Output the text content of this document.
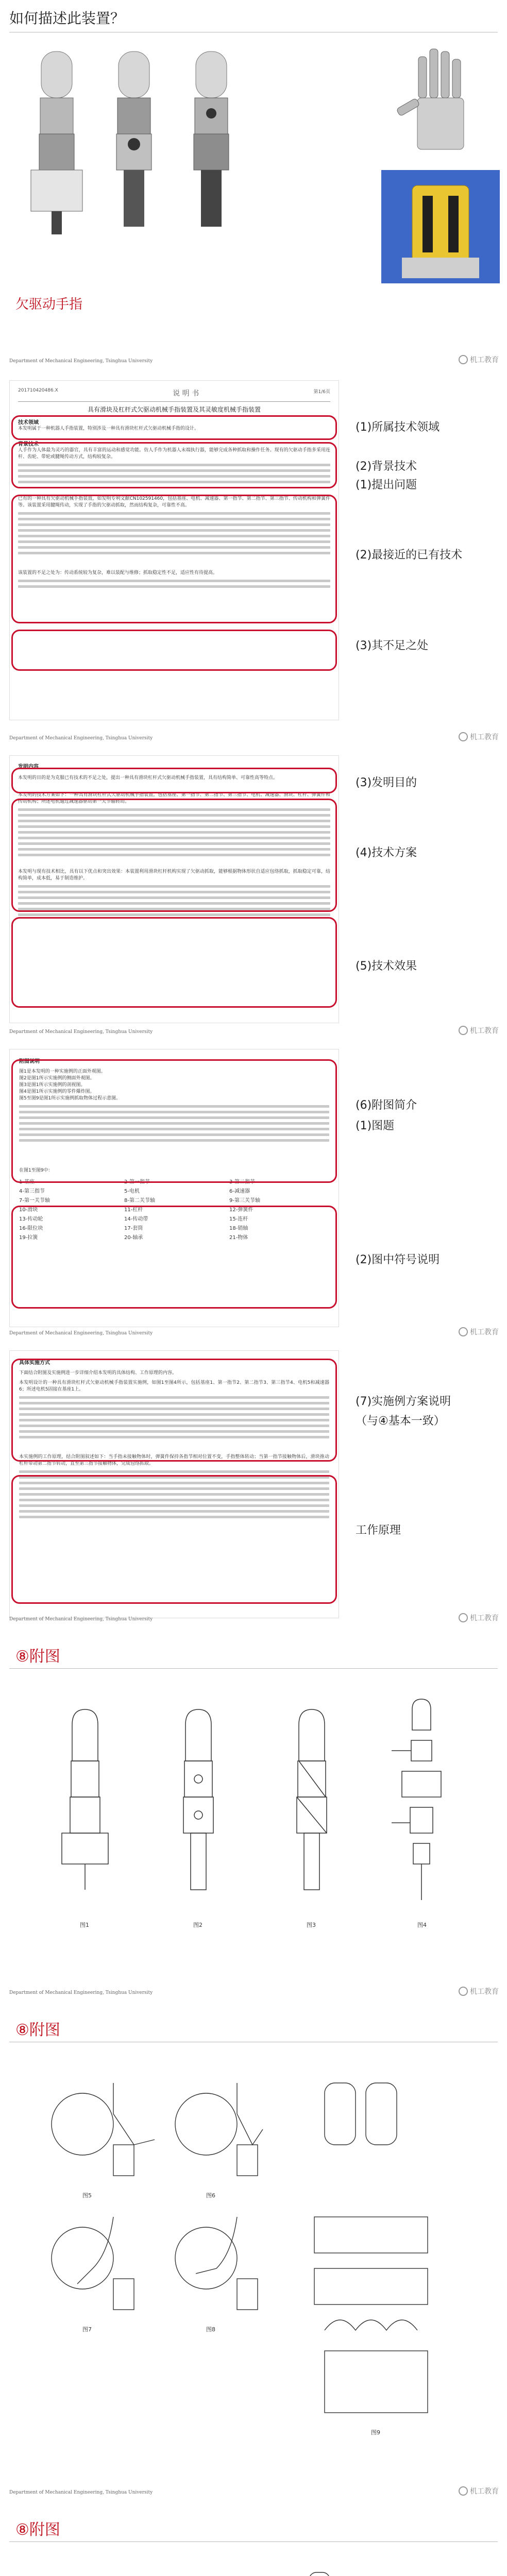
如何描述此装置？
欠驱动手指
Department of Mechanical Engineering, Tsinghua University	机工教育
201710420486.X	说 明 书	第1/6页
具有滑块及杠杆式欠驱动机械手指装置及其灵敏度机械手指装置
技术领域
本发明属于一种机器人手指装置，特别涉及一种具有滑块杠杆式欠驱动机械手指的设计。
背景技术
人手作为人体最为灵巧的器官，具有丰富的运动和感觉功能。仿人手作为机器人末端执行器，能够完成各种抓取和操作任务。现有的欠驱动手指多采用连杆、齿轮、带轮或腱绳传动方式，结构较复杂。
已有的一种具有欠驱动机械手指装置，如发明专利文献CN102591460，包括基座、电机、减速器、第一指节、第二指节、第三指节、传动机构和弹簧件等。该装置采用腱绳传动，实现了手指的欠驱动抓取，然而结构复杂，可靠性不高。
该装置的不足之处为：传动系统较为复杂，难以装配与维修；抓取稳定性不足，适应性有待提高。
(1)所属技术领域
(2)背景技术
(1)提出问题
(2)最接近的已有技术
(3)其不足之处
Department of Mechanical Engineering, Tsinghua University	机工教育
发明内容
本发明的目的是为克服已有技术的不足之处，提出一种具有滑块杠杆式欠驱动机械手指装置，具有结构简单、可靠性高等特点。
本发明的技术方案如下：一种具有滑块杠杆式欠驱动机械手指装置，包括基座、第一指节、第二指节、第三指节、电机、减速器、滑块、杠杆、弹簧件和传动机构；所述电机通过减速器驱动第一关节轴转动。
本发明与现有技术相比，具有以下优点和突出效果：本装置利用滑块杠杆机构实现了欠驱动抓取，能够根据物体形状自适应包络抓取，抓取稳定可靠，结构简单，成本低，易于制造维护。
(3)发明目的
(4)技术方案
(5)技术效果
Department of Mechanical Engineering, Tsinghua University	机工教育
附图说明
图1是本发明的一种实施例的正面外观图。
图2是图1所示实施例的侧面外观图。
图3是图1所示实施例的剖视图。
图4是图1所示实施例的零件爆炸图。
图5至图9是图1所示实施例抓取物体过程示意图。
在图1至图9中：
1-基座	2-第一指节	3-第二指节
4-第三指节	5-电机	6-减速器
7-第一关节轴	8-第二关节轴	9-第三关节轴
10-滑块	11-杠杆	12-弹簧件
13-传动轮	14-传动带	15-连杆
16-限位块	17-套筒	18-销轴
19-拉簧	20-轴承	21-物体
(6)附图简介
(1)图题
(2)图中符号说明
Department of Mechanical Engineering, Tsinghua University	机工教育
具体实施方式
下面结合附图及实施例进一步详细介绍本发明的具体结构、工作原理的内容。
本发明设计的一种具有滑块杠杆式欠驱动机械手指装置实施例，如图1至图4所示，包括基座1、第一指节2、第二指节3、第三指节4、电机5和减速器6；所述电机5固接在基座1上。
本实施例的工作原理，结合附图叙述如下：当手指未接触物体时，弹簧件保持各指节相对位置不变，手指整体转动；当第一指节接触物体后，滑块推动杠杆带动第二指节转动，直至第三指节接触物体，完成包络抓取。
(7)实施例方案说明
（与④基本一致）
工作原理
Department of Mechanical Engineering, Tsinghua University	机工教育
⑧附图
图1	图2	图3	图4
Department of Mechanical Engineering, Tsinghua University	机工教育
⑧附图
图5	图6
图7	图8
图9
Department of Mechanical Engineering, Tsinghua University	机工教育
⑧附图
